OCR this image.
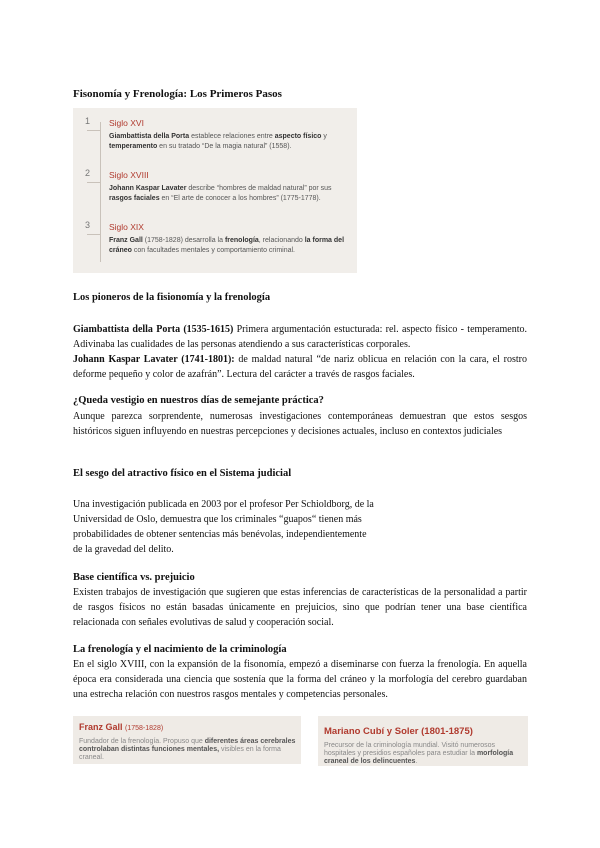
Fisonomía y Frenología: Los Primeros Pasos
1 Siglo XVI
Giambattista della Porta establece relaciones entre aspecto físico y temperamento en su tratado “De la magia natural” (1558).
2 Siglo XVIII
Johann Kaspar Lavater describe “hombres de maldad natural” por sus rasgos faciales en “El arte de conocer a los hombres” (1775-1778).
3 Siglo XIX
Franz Gall (1758-1828) desarrolla la frenología, relacionando la forma del cráneo con facultades mentales y comportamiento criminal.
Los pioneros de la fisionomía y la frenología
Giambattista della Porta (1535-1615) Primera argumentación estucturada: rel. aspecto físico - temperamento. Adivinaba las cualidades de las personas atendiendo a sus características corporales.
Johann Kaspar Lavater (1741-1801): de maldad natural “de nariz oblicua en relación con la cara, el rostro deforme pequeño y color de azafrán”. Lectura del carácter a través de rasgos faciales.
¿Queda vestigio en nuestros días de semejante práctica?
Aunque parezca sorprendente, numerosas investigaciones contemporáneas demuestran que estos sesgos históricos siguen influyendo en nuestras percepciones y decisiones actuales, incluso en contextos judiciales
El sesgo del atractivo físico en el Sistema judicial
Una investigación publicada en 2003 por el profesor Per Schioldborg, de la
Universidad de Oslo, demuestra que los criminales “guapos“ tienen más
probabilidades de obtener sentencias más benévolas, independientemente
de la gravedad del delito.
Base científica vs. prejuicio
Existen trabajos de investigación que sugieren que estas inferencias de características de la personalidad a partir de rasgos físicos no están basadas únicamente en prejuicios, sino que podrían tener una base científica relacionada con señales evolutivas de salud y cooperación social.
La frenología y el nacimiento de la criminología
En el siglo XVIII, con la expansión de la fisonomía, empezó a diseminarse con fuerza la frenología. En aquella época era considerada una ciencia que sostenía que la forma del cráneo y la morfología del cerebro guardaban una estrecha relación con nuestros rasgos mentales y competencias personales.
Franz Gall (1758-1828)
Fundador de la frenología. Propuso que diferentes áreas cerebrales controlaban distintas funciones mentales, visibles en la forma craneal.
Mariano Cubí y Soler (1801-1875)
Precursor de la criminología mundial. Visitó numerosos hospitales y presidios españoles para estudiar la morfología craneal de los delincuentes.
